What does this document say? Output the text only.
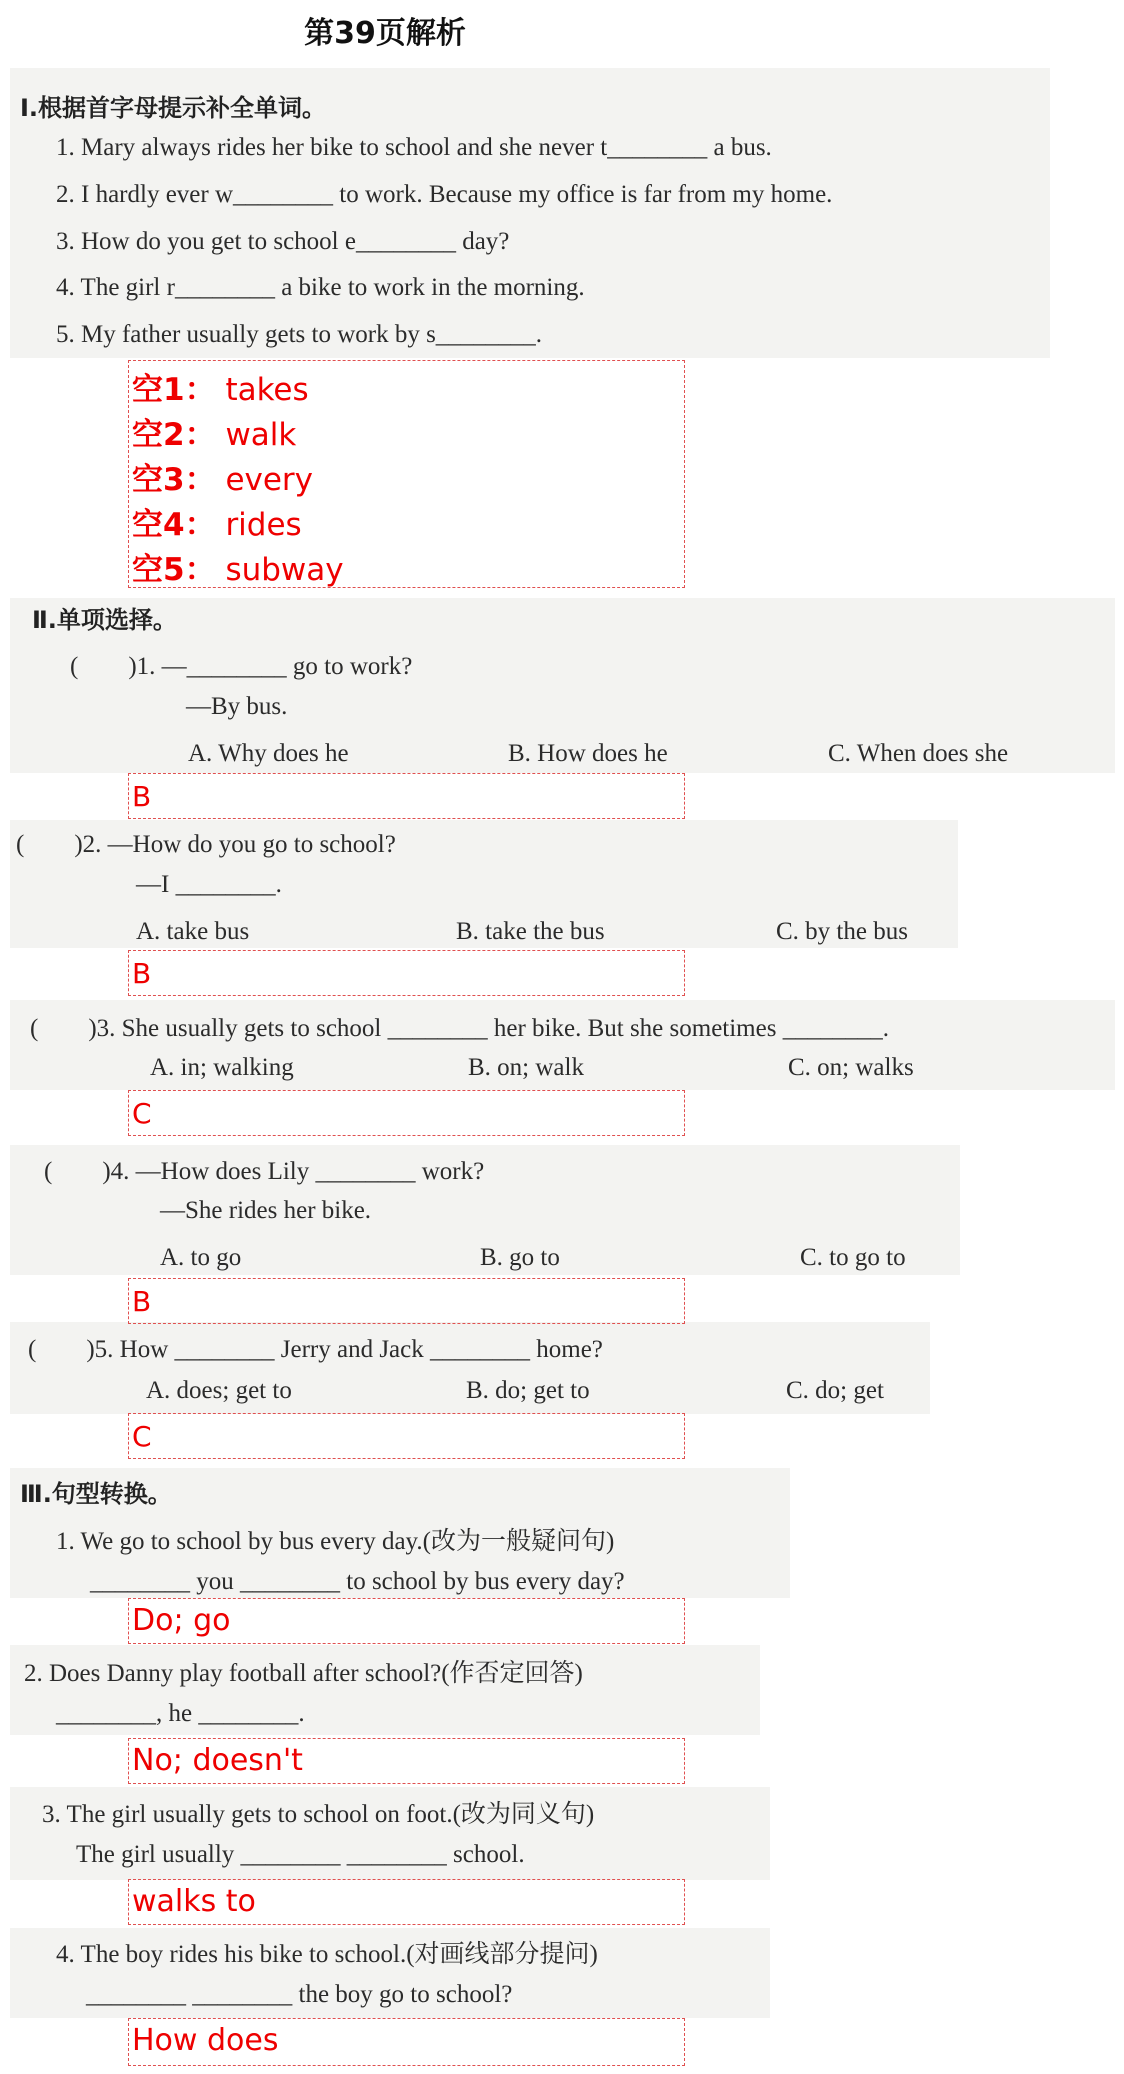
第39页解析
Ⅰ.根据首字母提示补全单词。
1. Mary always rides her bike to school and she never t________ a bus.
2. I hardly ever w________ to work. Because my office is far from my home.
3. How do you get to school e________ day?
4. The girl r________ a bike to work in the morning.
5. My father usually gets to work by s________.
空1： takes
空2： walk
空3： every
空4： rides
空5： subway
Ⅱ.单项选择。
(　　)1. —________ go to work?
—By bus.
A. Why does he	B. How does he	C. When does she
B
(　　)2. —How do you go to school?
—I ________.
A. take bus	B. take the bus	C. by the bus
B
(　　)3. She usually gets to school ________ her bike. But she sometimes ________.
A. in; walking	B. on; walk	C. on; walks
C
(　　)4. —How does Lily ________ work?
—She rides her bike.
A. to go	B. go to	C. to go to
B
(　　)5. How ________ Jerry and Jack ________ home?
A. does; get to	B. do; get to	C. do; get
C
Ⅲ.句型转换。
1. We go to school by bus every day.(改为一般疑问句)
________ you ________ to school by bus every day?
Do; go
2. Does Danny play football after school?(作否定回答)
________, he ________.
No; doesn't
3. The girl usually gets to school on foot.(改为同义句)
The girl usually ________ ________ school.
walks to
4. The boy rides his bike to school.(对画线部分提问)
________ ________ the boy go to school?
How does
